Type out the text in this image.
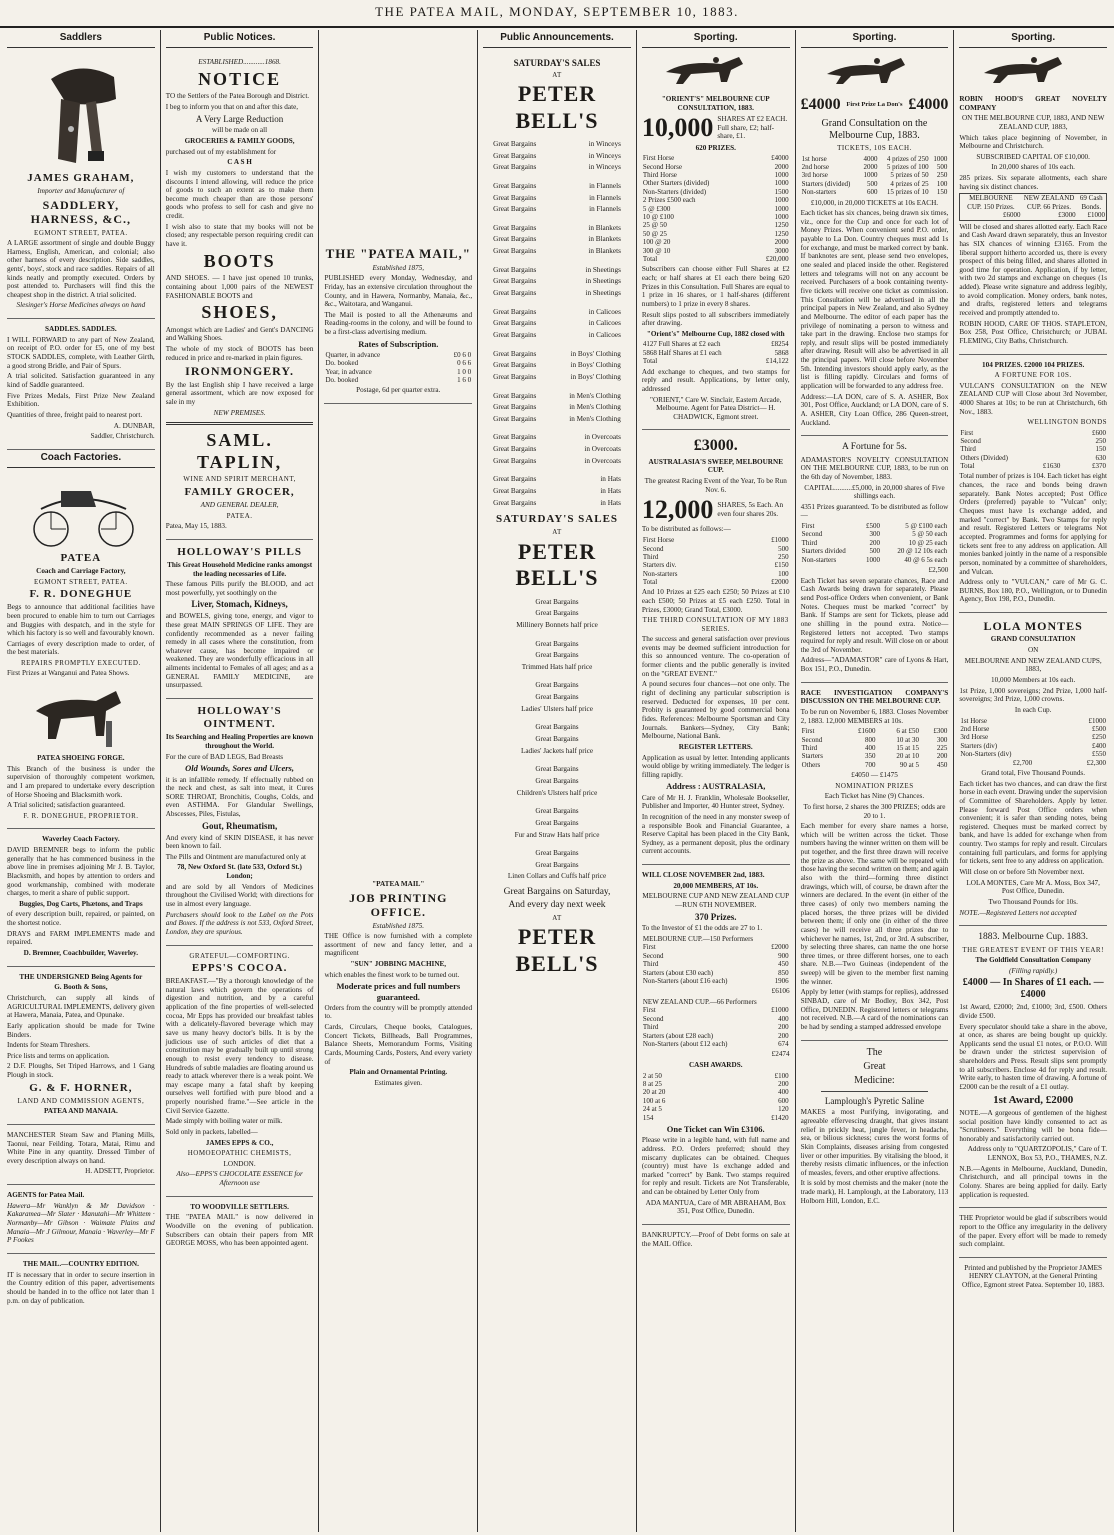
THE PATEA MAIL, MONDAY, SEPTEMBER 10, 1883.
Saddlers
JAMES GRAHAM,

Importer and Manufacturer of

SADDLERY, HARNESS, &C.,

EGMONT STREET, PATEA.

A LARGE assortment of single and double Buggy Harness, English, American, and colonial; also other harness of every description. Side saddles, gents', boys', stock and race saddles. Repairs of all kinds neatly and promptly executed. Orders by post attended to. Purchasers will find this the cheapest shop in the district. A trial solicited.

Slesinger's Horse Medicines always on hand

SADDLES. SADDLES.

I WILL FORWARD to any part of New Zealand, on receipt of P.O. order for £5, one of my best STOCK SADDLES, complete, with Leather Girth, a good strong Bridle, and Pair of Spurs.

A trial solicited. Satisfaction guaranteed in any kind of Saddle guaranteed.

Five Prizes Medals, First Prize New Zealand Exhibition.

Quantities of three, freight paid to nearest port.

A. DUNBAR,

Saddler, Christchurch.

Coach Factories.
PATEA

Coach and Carriage Factory,

EGMONT STREET, PATEA.

F. R. DONEGHUE

Begs to announce that additional facilities have been procured to enable him to turn out Carriages and Buggies with despatch, and in the style for which his factory is so well and favourably known.

Carriages of every description made to order, of the best materials.

REPAIRS PROMPTLY EXECUTED.

First Prizes at Wanganui and Patea Shows.

PATEA SHOEING FORGE.

This Branch of the business is under the supervision of thoroughly competent workmen, and I am prepared to undertake every description of Horse Shoeing and Blacksmith work.

A Trial solicited; satisfaction guaranteed.

F. R. DONEGHUE, PROPRIETOR.

Waverley Coach Factory.

DAVID BREMNER begs to inform the public generally that he has commenced business in the above line in premises adjoining Mr J. B. Taylor, Blacksmith, and hopes by attention to orders and good workmanship, combined with moderate charges, to merit a share of public support.

Buggies, Dog Carts, Phætons, and Traps

of every description built, repaired, or painted, on the shortest notice.

DRAYS and FARM IMPLEMENTS made and repaired.

D. Bremner, Coachbuilder, Waverley.

THE UNDERSIGNED Being Agents for

G. Booth & Sons,

Christchurch, can supply all kinds of AGRICULTURAL IMPLEMENTS, delivery given at Hawera, Manaia, Patea, and Opunake.

Early application should be made for Twine Binders.

Indents for Steam Threshers.

Price lists and terms on application.

2 D.F. Ploughs, Set Triped Harrows, and 1 Gang Plough in stock.

G. & F. HORNER,

LAND AND COMMISSION AGENTS,

PATEA AND MANAIA.

MANCHESTER Steam Saw and Planing Mills, Taonui, near Feilding. Totara, Matai, Rimu and White Pine in any quantity. Dressed Timber of every description always on hand.

H. ADSETT, Proprietor.

AGENTS for Patea Mail.

Hawera—Mr Wanklyn & Mr Davidson · Kakaramea—Mr Slater · Manutahi—Mr Whittem · Normanby—Mr Gibson · Waimate Plains and Manaia—Mr J Gilmour, Manaia · Waverley—Mr F P Fookes

THE MAIL.—COUNTRY EDITION.

IT is necessary that in order to secure insertion in the Country edition of this paper, advertisements should be handed in to the office not later than 1 p.m. on day of publication.

Public Notices.

ESTABLISHED............1868.

NOTICE

TO the Settlers of the Patea Borough and District.

I beg to inform you that on and after this date,

A Very Large Reduction

will be made on all

GROCERIES & FAMILY GOODS,

purchased out of my establishment for

C A S H

I wish my customers to understand that the discounts I intend allowing, will reduce the price of goods to such an extent as to make them become much cheaper than are those persons' goods who profess to sell for cash and give no credit.

I wish also to state that my books will not be closed; any respectable person requiring credit can have it.

BOOTS

AND SHOES. — I have just opened 10 trunks, containing about 1,000 pairs of the NEWEST FASHIONABLE BOOTS and

SHOES,

Amongst which are Ladies' and Gent's DANCING and Walking Shoes.

The whole of my stock of BOOTS has been reduced in price and re-marked in plain figures.

IRONMONGERY.

By the last English ship I have received a large general assortment, which are now exposed for sale in my

NEW PREMISES.

SAML. TAPLIN,

WINE AND SPIRIT MERCHANT,

FAMILY GROCER,

AND GENERAL DEALER,

PATEA.

Patea, May 15, 1883.

HOLLOWAY'S PILLS

This Great Household Medicine ranks amongst the leading necessaries of Life.

These famous Pills purify the BLOOD, and act most powerfully, yet soothingly on the

Liver, Stomach, Kidneys,

and BOWELS, giving tone, energy, and vigor to these great MAIN SPRINGS OF LIFE. They are confidently recommended as a never failing remedy in all cases where the constitution, from whatever cause, has become impaired or weakened. They are wonderfully efficacious in all ailments incidental to Females of all ages; and as a GENERAL FAMILY MEDICINE, are unsurpassed.

HOLLOWAY'S OINTMENT.

Its Searching and Healing Properties are known throughout the World.

For the cure of BAD LEGS, Bad Breasts

Old Wounds, Sores and Ulcers,

it is an infallible remedy. If effectually rubbed on the neck and chest, as salt into meat, it Cures SORE THROAT, Bronchitis, Coughs, Colds, and even ASTHMA. For Glandular Swellings, Abscesses, Piles, Fistulas,

Gout, Rheumatism,

And every kind of SKIN DISEASE, it has never been known to fail.

The Pills and Ointment are manufactured only at

78, New Oxford St. (late 533, Oxford St.) London;

and are sold by all Vendors of Medicines throughout the Civilised World; with directions for use in almost every language.

Purchasers should look to the Label on the Pots and Boxes. If the address is not 533, Oxford Street, London, they are spurious.

GRATEFUL—COMFORTING.

EPPS'S COCOA.

BREAKFAST.—"By a thorough knowledge of the natural laws which govern the operations of digestion and nutrition, and by a careful application of the fine properties of well-selected cocoa, Mr Epps has provided our breakfast tables with a delicately-flavored beverage which may save us many heavy doctor's bills. It is by the judicious use of such articles of diet that a constitution may be gradually built up until strong enough to resist every tendency to disease. Hundreds of subtle maladies are floating around us ready to attack wherever there is a weak point. We may escape many a fatal shaft by keeping ourselves well fortified with pure blood and a properly nourished frame."—See article in the Civil Service Gazette.

Made simply with boiling water or milk.

Sold only in packets, labelled—

JAMES EPPS & CO.,

HOMOEOPATHIC CHEMISTS,

LONDON.

Also—EPPS'S CHOCOLATE ESSENCE for Afternoon use

TO WOODVILLE SETTLERS.

THE "PATEA MAIL" is now delivered in Woodville on the evening of publication. Subscribers can obtain their papers from MR GEORGE MOSS, who has been appointed agent.

THE "PATEA MAIL,"

Established 1875,

PUBLISHED every Monday, Wednesday, and Friday, has an extensive circulation throughout the County, and in Hawera, Normanby, Manaia, &c., &c., Waitotara, and Wanganui.

The Mail is posted to all the Athenæums and Reading-rooms in the colony, and will be found to be a first-class advertising medium.

Rates of Subscription.

Quarter, in advance	£0 6 0
Do. booked	0 6 6
Year, in advance	1 0 0
Do. booked	1 6 0

Postage, 6d per quarter extra.

"PATEA MAIL"

JOB PRINTING OFFICE.

Established 1875.

THE Office is now furnished with a complete assortment of new and fancy letter, and a magnificent

"SUN" JOBBING MACHINE,

which enables the finest work to be turned out.

Moderate prices and full numbers guaranteed.

Orders from the country will be promptly attended to.

Cards, Circulars, Cheque books, Catalogues, Concert Tickets, Billheads, Ball Programmes, Balance Sheets, Memorandum Forms, Visiting Cards, Mourning Cards, Posters, And every variety of

Plain and Ornamental Printing.

Estimates given.

Public Announcements.

SATURDAY'S SALES

AT

PETER BELL'S
Great Bargains	in Winceys
Great Bargains	in Winceys
Great Bargains	in Winceys
Great Bargains	in Flannels
Great Bargains	in Flannels
Great Bargains	in Flannels
Great Bargains	in Blankets
Great Bargains	in Blankets
Great Bargains	in Blankets
Great Bargains	in Sheetings
Great Bargains	in Sheetings
Great Bargains	in Sheetings
Great Bargains	in Calicoes
Great Bargains	in Calicoes
Great Bargains	in Calicoes
Great Bargains	in Boys' Clothing
Great Bargains	in Boys' Clothing
Great Bargains	in Boys' Clothing
Great Bargains	in Men's Clothing
Great Bargains	in Men's Clothing
Great Bargains	in Men's Clothing
Great Bargains	in Overcoats
Great Bargains	in Overcoats
Great Bargains	in Overcoats
Great Bargains	in Hats
Great Bargains	in Hats
Great Bargains	in Hats
SATURDAY'S SALES

AT

PETER BELL'S

Great Bargains

Great Bargains

Millinery Bonnets half price

Great Bargains

Great Bargains

Trimmed Hats half price

Great Bargains

Great Bargains

Ladies' Ulsters half price

Great Bargains

Great Bargains

Ladies' Jackets half price

Great Bargains

Great Bargains

Children's Ulsters half price

Great Bargains

Great Bargains

Fur and Straw Hats half price

Great Bargains

Great Bargains

Linen Collars and Cuffs half price

Great Bargains on Saturday,

And every day next week

AT

PETER BELL'S
Sporting.

"ORIENT'S" MELBOURNE CUP CONSULTATION, 1883.

10,000 SHARES AT £2 EACH. Full share, £2; half-share, £1.

620 PRIZES.

First Horse	£4000
Second Horse	2000
Third Horse	1000
Other Starters (divided)	1000
Non-Starters (divided)	1500
2 Prizes £500 each	1000
5 @ £300	1000
10 @ £100	1000
25 @ 50	1250
50 @ 25	1250
100 @ 20	2000
300 @ 10	3000
Total	£20,000

Subscribers can choose either Full Shares at £2 each; or half shares at £1 each there being 620 Prizes in this Consultation. Full Shares are equal to 1 prize in 16 shares, or 1 half-shares (different numbers) to 1 prize in every 8 shares.

Result slips posted to all subscribers immediately after drawing.

"Orient's" Melbourne Cup, 1882 closed with

4127 Full Shares at £2 each	£8254
5868 Half Shares at £1 each	5868
Total	£14,122

Add exchange to cheques, and two stamps for reply and result. Applications, by letter only, addressed

"ORIENT," Care W. Sinclair, Eastern Arcade, Melbourne. Agent for Patea District— H. CHADWICK, Egmont street.

£3000.

AUSTRALASIA'S SWEEP, MELBOURNE CUP.

The greatest Racing Event of the Year, To be Run Nov. 6.

12,000 SHARES, 5s Each. An even four shares 20s.

To be distributed as follows:—

First Horse	£1000
Second	500
Third	250
Starters div.	£150
Non-starters	100
Total	£2000

And 10 Prizes at £25 each £250; 50 Prizes at £10 each £500; 50 Prizes at £5 each £250. Total in Prizes, £3000; Grand Total, £3000.

THE THIRD CONSULTATION OF MY 1883 SERIES.

The success and general satisfaction over previous events may be deemed sufficient introduction for this so announced venture. The co-operation of former clients and the public generally is invited on the "GREAT EVENT."

A pound secures four chances—not one only. The right of declining any particular subscription is reserved. Deducted for expenses, 10 per cent. Probity is guaranteed by good commercial bona fides. References: Melbourne Sportsman and City Journals. Bankers—Sydney, City Bank; Melbourne, National Bank.

REGISTER LETTERS.

Application as usual by letter. Intending applicants would oblige by writing immediately. The ledger is filling rapidly.

Address : AUSTRALASIA,

Care of Mr H. J. Franklin, Wholesale Bookseller, Publisher and Importer, 40 Hunter street, Sydney.

In recognition of the need in any monster sweep of a responsible Book and Financial Guarantee, a Reserve Capital has been placed in the City Bank, Sydney, as a permanent deposit, plus the ordinary current accounts.

WILL CLOSE NOVEMBER 2nd, 1883.

20,000 MEMBERS, AT 10s.

MELBOURNE CUP AND NEW ZEALAND CUP—RUN 6TH NOVEMBER.

370 Prizes.

To the Investor of £1 the odds are 27 to 1.

MELBOURNE CUP.—150 Performers	
First	£2000
Second	900
Third	450
Starters (about £30 each)	850
Non-Starters (about £16 each)	1906

£6106

NEW ZEALAND CUP.—66 Performers	
First	£1000
Second	400
Third	200
Starters (about £28 each)	200
Non-Starters (about £12 each)	674

£2474

CASH AWARDS.

2 at 50	£100
8 at 25	200
20 at 20	400
100 at 6	600
24 at 5	120
154	£1420

One Ticket can Win £3106.

Please write in a legible hand, with full name and address. P.O. Orders preferred; should they miscarry duplicates can be obtained. Cheques (country) must have 1s exchange added and marked "correct" by Bank. Two stamps required for reply and result. Tickets are Not Transferable, and can be obtained by Letter Only from

ADA MANTUA, Care of MR ABRAHAM, Box 351, Post Office, Dunedin.

BANKRUPTCY.—Proof of Debt forms on sale at the MAIL Office.

Sporting.
£4000 First Prize La Don's £4000

Grand Consultation on the Melbourne Cup, 1883.

TICKETS, 10S EACH.

1st horse	4000	4 prizes of 250	1000
2nd horse	2000	5 prizes of 100	500
3rd horse	1000	5 prizes of 50	250
Starters (divided)	500	4 prizes of 25	100
Non-starters	600	15 prizes of 10	150

£10,000, in 20,000 TICKETS at 10s EACH.

Each ticket has six chances, being drawn six times, viz., once for the Cup and once for each lot of Money Prizes. When convenient send P.O. order, payable to La Don. Country cheques must add 1s for exchange, and must be marked correct by bank. If banknotes are sent, please send two envelopes, one sealed and placed inside the other. Registered letters and telegrams will not on any account be received. Purchasers of a book containing twenty-five tickets will receive one ticket as commission. This Consultation will be advertised in all the principal papers in New Zealand, and also Sydney and Melbourne. The editor of each paper has the privilege of nominating a person to witness and take part in the drawing. Enclose two stamps for reply, and result slips will be posted immediately after drawing. Result will also be advertised in all the principal papers. Will close before November 5th. Intending investors should apply early, as the list is filling rapidly. Circulars and forms of application will be forwarded to any address free.

Address:—LA DON, care of S. A. ASHER, Box 301, Post Office, Auckland; or LA DON, care of S. A. ASHER, City Loan Office, 286 Queen-street, Auckland.

A Fortune for 5s.

ADAMASTOR'S NOVELTY CONSULTATION ON THE MELBOURNE CUP, 1883, to be run on the 6th day of November, 1883.

CAPITAL..........£5,000, in 20,000 shares of Five shillings each.

4351 Prizes guaranteed. To be distributed as follow—

First	£500	5 @ £100 each
Second	300	5 @ 50 each
Third	200	10 @ 25 each
Starters divided	500	20 @ 12 10s each
Non-starters	1000	40 @ 6 5s each

£2,500

Each Ticket has seven separate chances, Race and Cash Awards being drawn for separately. Please send Post-office Orders when convenient, or Bank Notes. Cheques must be marked "correct" by Bank. If Stamps are sent for Tickets, please add one shilling in the pound extra. Notice—Registered letters not accepted. Two stamps required for reply and result. Will close on or about the 3rd of November.

Address—"ADAMASTOR" care of Lyons & Hart, Box 151, P.O., Dunedin.

RACE INVESTIGATION COMPANY'S DISCUSSION ON THE MELBOURNE CUP.

To be run on November 6, 1883. Closes November 2, 1883. 12,000 MEMBERS at 10s.

First	£1600	6 at £50	£300
Second	800	10 at 30	300
Third	400	15 at 15	225
Starters	350	20 at 10	200
Others	700	90 at 5	450

£4050 — £1475

NOMINATION PRIZES

Each Ticket has Nine (9) Chances.

To first horse, 2 shares the 300 PRIZES; odds are 20 to 1.

Each member for every share names a horse, which will be written across the ticket. Those numbers having the winner written on them will be put together, and the first three drawn will receive the prize as above. The same will be repeated with those having the second written on them; and again also with the third—forming three distinct drawings, which will, of course, be drawn after the winners are declared. In the event (in either of the three cases) of only two members naming the placed horses, the three prizes will be divided between them; if only one (in either of the three cases) he will receive all three prizes due to whichever he names, 1st, 2nd, or 3rd. A subscriber, by selecting three shares, can name the one horse three times, or three different horses, one to each share. N.B.—Two Guineas (independent of the sweep) will be given to the member first naming the winner.

Apply by letter (with stamps for replies), addressed SINBAD, care of Mr Bodley, Box 342, Post Office, DUNEDIN. Registered letters or telegrams not received. N.B.—A card of the nominations can be had by sending a stamped addressed envelope

The

Great

Medicine:

Lamplough's Pyretic Saline

MAKES a most Purifying, invigorating, and agreeable effervescing draught, that gives instant relief in prickly heat, jungle fever, in headache, sea, or bilious sickness; cures the worst forms of Skin Complaints, diseases arising from congested liver or other impurities. By vitalising the blood, it thereby resists climatic influences, or the infection of measles, fevers, and other eruptive affections.

It is sold by most chemists and the maker (note the trade mark), H. Lamplough, at the Laboratory, 113 Holborn Hill, London, E.C.

Sporting.

ROBIN HOOD'S GREAT NOVELTY COMPANY

ON THE MELBOURNE CUP, 1883, AND NEW ZEALAND CUP, 1883,

Which takes place beginning of November, in Melbourne and Christchurch.

SUBSCRIBED CAPITAL OF £10,000.

In 20,000 shares of 10s each.

285 prizes. Six separate allotments, each share having six distinct chances.

MELBOURNE CUP. 150 Prizes.	NEW ZEALAND CUP. 66 Prizes.	69 Cash Bonds.
£6000	£3000	£1000

Will be closed and shares allotted early. Each Race and Cash Award drawn separately, thus an Investor has SIX chances of winning £3165. From the liberal support hitherto accorded us, there is every prospect of this being filled, and shares allotted in good time for operation. Application, if by letter, with two 2d stamps and exchange on cheques (1s added). Please write signature and address legibly, to avoid complication. Money orders, bank notes, and drafts, registered letters and telegrams received and promptly attended to.

ROBIN HOOD, CARE OF THOS. STAPLETON, Box 258, Post Office, Christchurch; or JUBAL FLEMING, City Baths, Christchurch.

104 PRIZES. £2000 104 PRIZES.

A FORTUNE FOR 10S.

VULCAN'S CONSULTATION on the NEW ZEALAND CUP will Close about 3rd November, 4000 Shares at 10s; to be run at Christchurch, 6th Nov., 1883.

WELLINGTON BONDS

First	£600
Second	250
Third	150
Others (Divided)	630
Total	£1630	£370

Total number of prizes is 104. Each ticket has eight chances, the race and bonds being drawn separately. Bank Notes accepted; Post Office Orders (preferred) payable to "Vulcan" only; Cheques must have 1s exchange added, and marked "correct" by Bank. Two Stamps for reply and result. Registered Letters or telegrams Not accepted. Programmes and forms for applying for tickets sent free to any address on application. All monies banked jointly in the name of a responsible person, nominated by a committee of shareholders, and Vulcan.

Address only to "VULCAN," care of Mr G. C. BURNS, Box 180, P.O., Wellington, or to Dunedin Agency, Box 198, P.O., Dunedin.

LOLA MONTES

GRAND CONSULTATION

ON

MELBOURNE AND NEW ZEALAND CUPS, 1883,

10,000 Members at 10s each.

1st Prize, 1,000 sovereigns; 2nd Prize, 1,000 half-sovereigns; 3rd Prize, 1,000 crowns.

In each Cup.

1st Horse	£1000
2nd Horse	£500
3rd Horse	£250
Starters (div)	£400
Non-Starters (div)	£550
£2,700	£2,300

Grand total, Five Thousand Pounds.

Each ticket has two chances, and can draw the first horse in each event. Drawing under the supervision of Committee of Shareholders. Apply by letter. Please forward Post Office orders when convenient; it is safer than sending notes, being registered. Cheques must be marked correct by bank, and have 1s added for exchange when from country. Two stamps for reply and result. Circulars containing full particulars, and forms for applying for tickets, sent free to any address on application.

Will close on or before 5th November next.

LOLA MONTES, Care Mr A. Moss, Box 347, Post Office, Dunedin.

Two Thousand Pounds for 10s.

NOTE.—Registered Letters not accepted

1883. Melbourne Cup. 1883.

THE GREATEST EVENT OF THIS YEAR!

The Goldfield Consultation Company

(Filling rapidly.)

£4000 — In Shares of £1 each. — £4000

1st Award, £2000; 2nd, £1000; 3rd, £500. Others divide £500.

Every speculator should take a share in the above, at once, as shares are being bought up quickly. Applicants send the usual £1 notes, or P.O.O. Will be drawn under the strictest supervision of shareholders and Press. Result slips sent promptly to all subscribers. Enclose 4d for reply and result. Write early, to hasten time of drawing. A fortune of £2000 can be the result of a £1 outlay.

1st Award, £2000

NOTE.—A gorgeous of gentlemen of the highest social position have kindly consented to act as "Scrutineers." Everything will be bona fide—honorably and satisfactorily carried out.

Address only to "QUARTZOPOLIS," Care of T. LENNOX, Box 53, P.O., THAMES, N.Z.

N.B.—Agents in Melbourne, Auckland, Dunedin, Christchurch, and all principal towns in the Colony. Shares are being applied for daily. Early application is requested.

THE Proprietor would be glad if subscribers would report to the Office any irregularity in the delivery of the paper. Every effort will be made to remedy such complaint.

Printed and published by the Proprietor JAMES HENRY CLAYTON, at the General Printing Office, Egmont street Patea. September 10, 1883.
